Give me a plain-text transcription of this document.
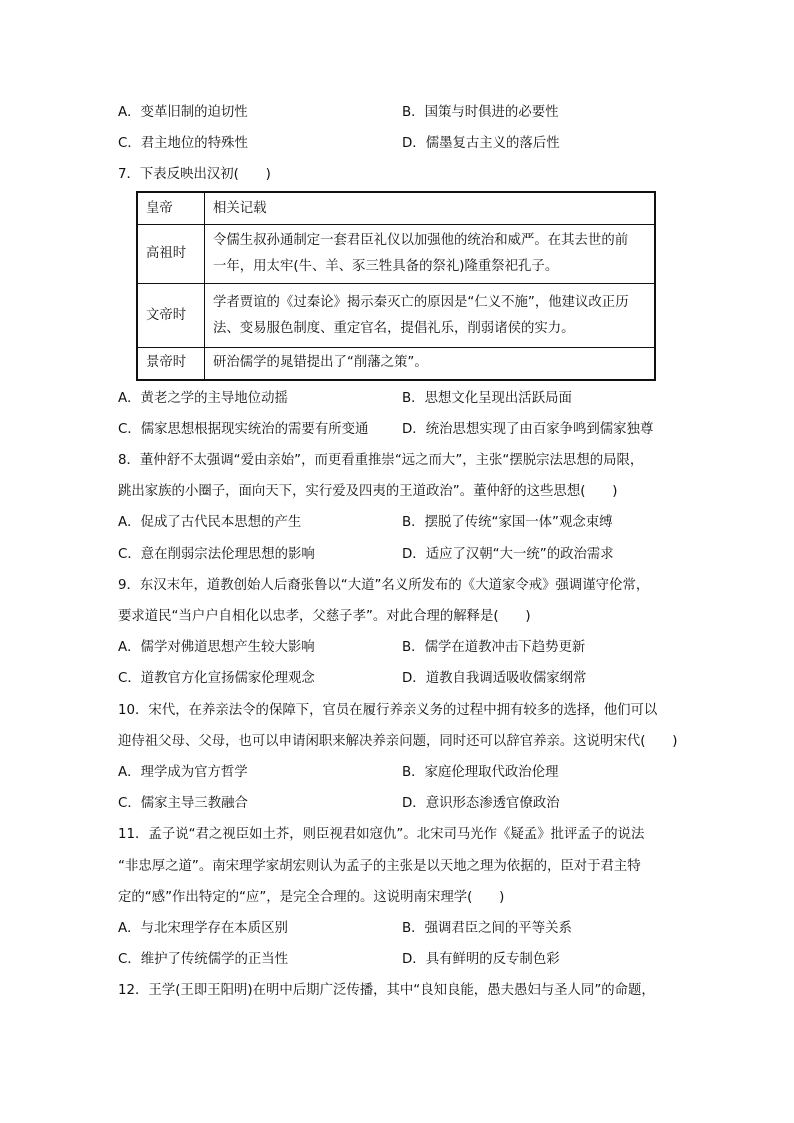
A．变革旧制的迫切性	B．国策与时俱进的必要性
C．君主地位的特殊性	D．儒墨复古主义的落后性
7．下表反映出汉初(　　)
皇帝	相关记载
高祖时	令儒生叔孙通制定一套君臣礼仪以加强他的统治和威严。在其去世的前
一年，用太牢(牛、羊、豕三牲具备的祭礼)隆重祭祀孔子。

文帝时	学者贾谊的《过秦论》揭示秦灭亡的原因是“仁义不施”，他建议改正历
法、变易服色制度、重定官名，提倡礼乐，削弱诸侯的实力。

景帝时	研治儒学的晁错提出了“削藩之策”。
A．黄老之学的主导地位动摇	B．思想文化呈现出活跃局面
C．儒家思想根据现实统治的需要有所变通	D．统治思想实现了由百家争鸣到儒家独尊
8．董仲舒不太强调“爱由亲始”，而更看重推崇“远之而大”，主张“摆脱宗法思想的局限，
跳出家族的小圈子，面向天下，实行爱及四夷的王道政治”。董仲舒的这些思想(　　)
A．促成了古代民本思想的产生	B．摆脱了传统“家国一体”观念束缚
C．意在削弱宗法伦理思想的影响	D．适应了汉朝“大一统”的政治需求
9．东汉末年，道教创始人后裔张鲁以“大道”名义所发布的《大道家令戒》强调谨守伦常，
要求道民“当户户自相化以忠孝，父慈子孝”。对此合理的解释是(　　)
A．儒学对佛道思想产生较大影响	B．儒学在道教冲击下趋势更新
C．道教官方化宣扬儒家伦理观念	D．道教自我调适吸收儒家纲常
10．宋代，在养亲法令的保障下，官员在履行养亲义务的过程中拥有较多的选择，他们可以
迎侍祖父母、父母，也可以申请闲职来解决养亲问题，同时还可以辞官养亲。这说明宋代(　　)
A．理学成为官方哲学	B．家庭伦理取代政治伦理
C．儒家主导三教融合	D．意识形态渗透官僚政治
11．孟子说“君之视臣如土芥，则臣视君如寇仇”。北宋司马光作《疑孟》批评孟子的说法
“非忠厚之道”。南宋理学家胡宏则认为孟子的主张是以天地之理为依据的，臣对于君主特
定的“感”作出特定的“应”，是完全合理的。这说明南宋理学(　　)
A．与北宋理学存在本质区别	B．强调君臣之间的平等关系
C．维护了传统儒学的正当性	D．具有鲜明的反专制色彩
12．王学(王即王阳明)在明中后期广泛传播，其中“良知良能，愚夫愚妇与圣人同”的命题，
